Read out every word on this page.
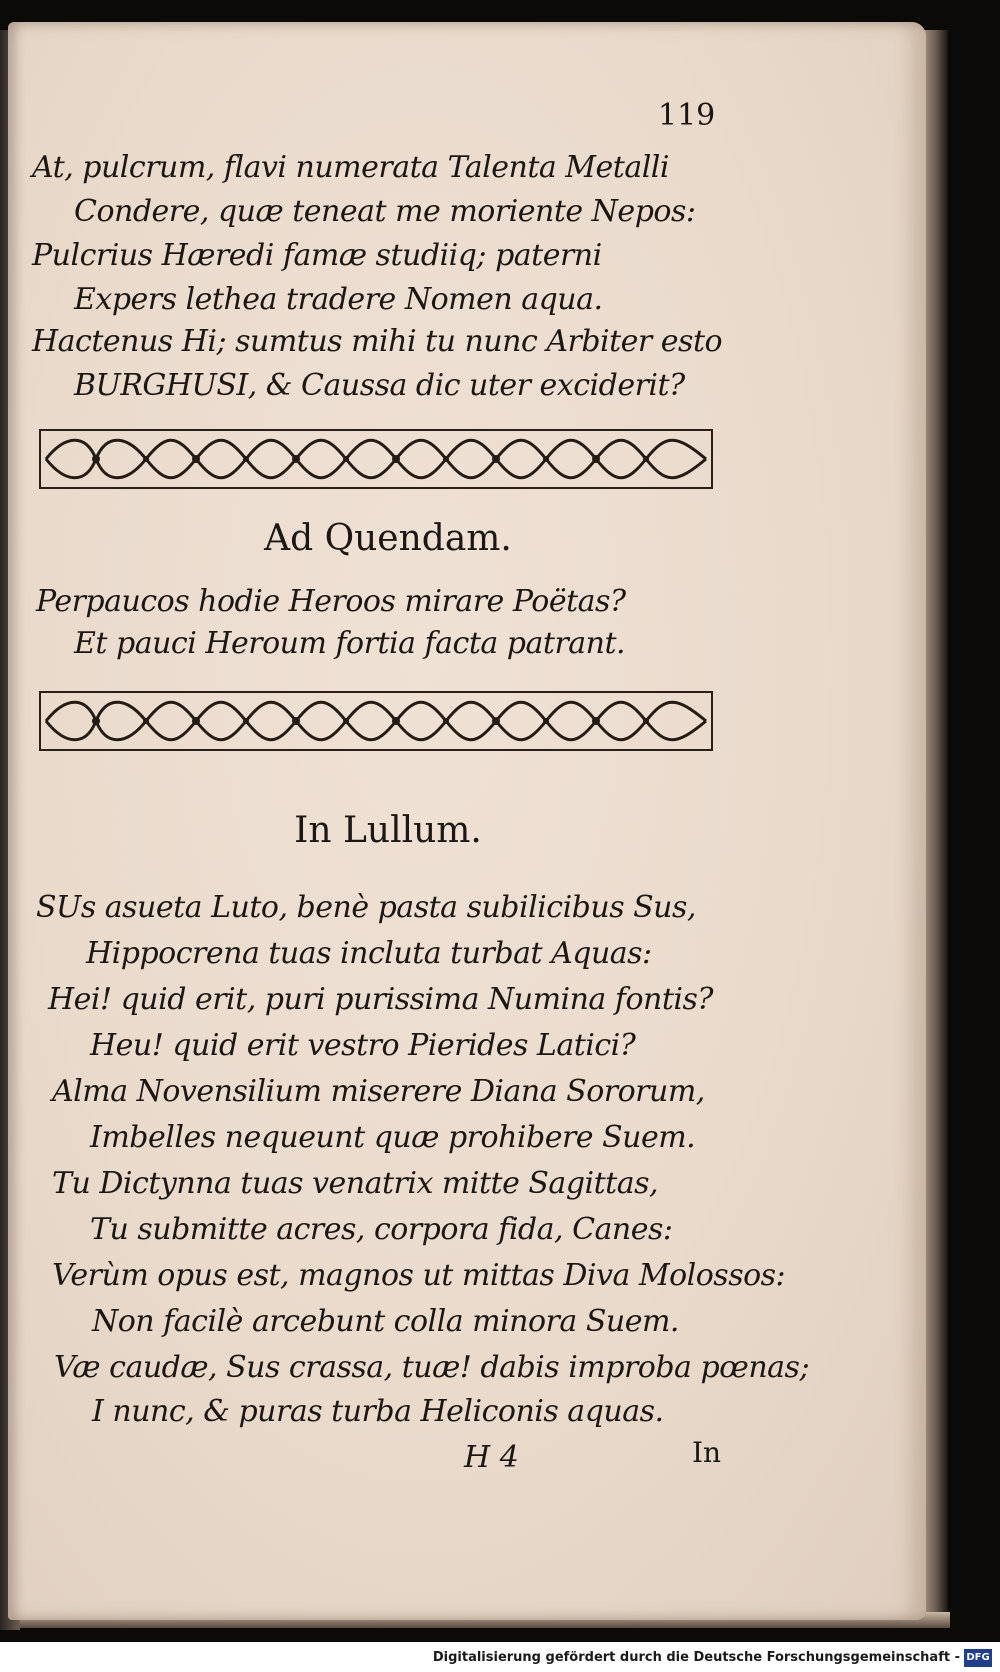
119

At, pulcrum, flavi numerata Talenta Metalli

Condere, quæ teneat me moriente Nepos:

Pulcrius Hæredi famæ studiiq; paterni

Expers lethea tradere Nomen aqua.

Hactenus Hi; sumtus mihi tu nunc Arbiter esto

BURGHUSI, & Caussa dic uter exciderit?

Ad Quendam.

Perpaucos hodie Heroos mirare Poëtas?

Et pauci Heroum fortia facta patrant.

In Lullum.

SUs asueta Luto, benè pasta subilicibus Sus,

Hippocrena tuas incluta turbat Aquas:

Hei! quid erit, puri purissima Numina fontis?

Heu! quid erit vestro Pierides Latici?

Alma Novensilium miserere Diana Sororum,

Imbelles nequeunt quæ prohibere Suem.

Tu Dictynna tuas venatrix mitte Sagittas,

Tu submitte acres, corpora fida, Canes:

Verùm opus est, magnos ut mittas Diva Molossos:

Non facilè arcebunt colla minora Suem.

Væ caudæ, Sus crassa, tuæ! dabis improba pœnas;

I nunc, & puras turba Heliconis aquas.

H 4	In
Digitalisierung gefördert durch die Deutsche Forschungsgemeinschaft - DFG
